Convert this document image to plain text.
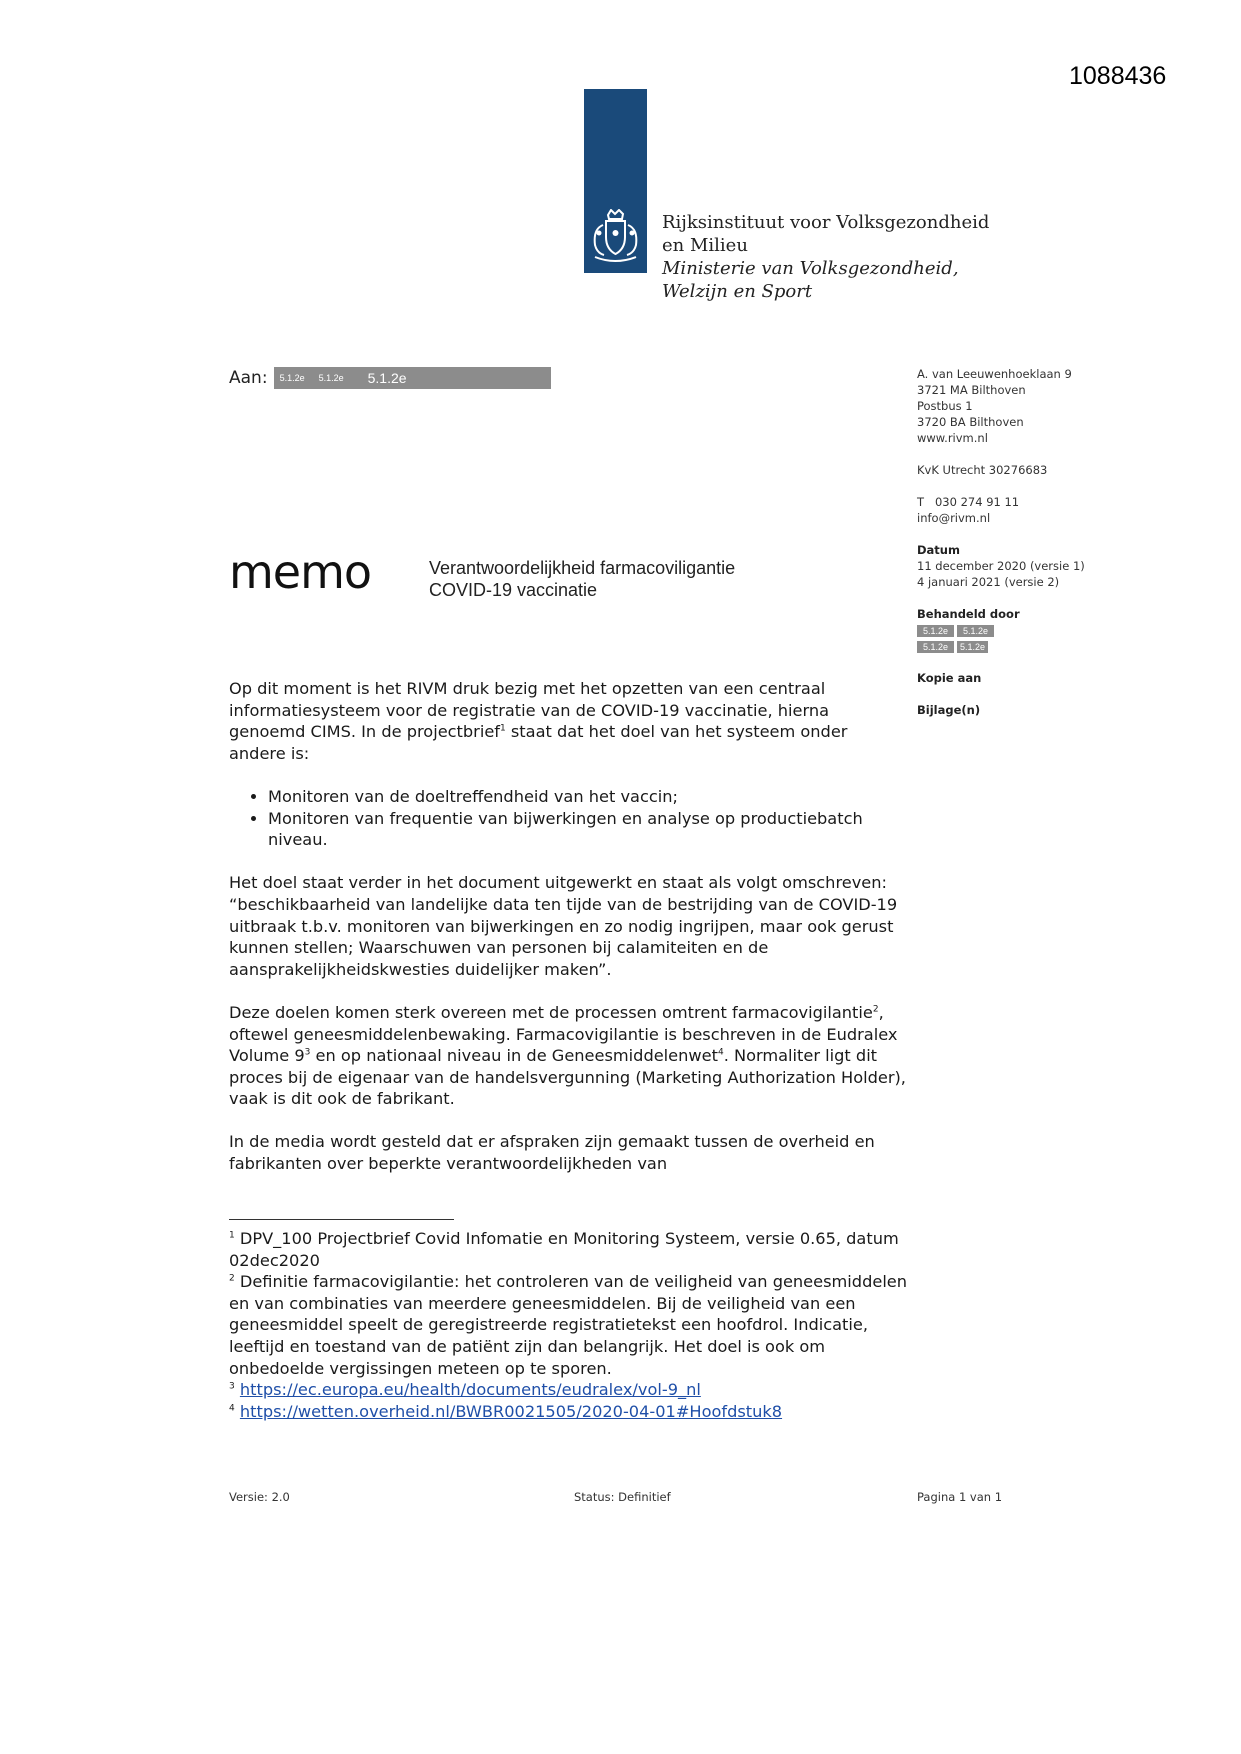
1088436
Rijksinstituut voor Volksgezondheid
en Milieu
Ministerie van Volksgezondheid,
Welzijn en Sport
Aan: 5.1.2e 5.1.2e 5.1.2e	A. van Leeuwenhoeklaan 9
3721 MA Bilthoven
Postbus 1
3720 BA Bilthoven
www.rivm.nl
KvK Utrecht 30276683
T   030 274 91 11
info@rivm.nl
Datum
11 december 2020 (versie 1)
4 januari 2021 (versie 2)
Behandeld door
5.1.2e 5.1.2e
5.1.2e 5.1.2e
Kopie aan
Bijlage(n)
memo	Verantwoordelijkheid farmacoviligantie
COVID-19 vaccinatie

Op dit moment is het RIVM druk bezig met het opzetten van een centraal informatiesysteem voor de registratie van de COVID-19 vaccinatie, hierna genoemd CIMS. In de projectbrief$^1$ staat dat het doel van het systeem onder andere is:

• Monitoren van de doeltreffendheid van het vaccin;
• Monitoren van frequentie van bijwerkingen en analyse op productiebatch niveau.

Het doel staat verder in het document uitgewerkt en staat als volgt omschreven: “beschikbaarheid van landelijke data ten tijde van de bestrijding van de COVID-19 uitbraak t.b.v. monitoren van bijwerkingen en zo nodig ingrijpen, maar ook gerust kunnen stellen; Waarschuwen van personen bij calamiteiten en de aansprakelijkheidskwesties duidelijker maken”.

Deze doelen komen sterk overeen met de processen omtrent farmacovigilantie$^2$, oftewel geneesmiddelenbewaking. Farmacovigilantie is beschreven in de Eudralex Volume $9^3$ en op nationaal niveau in de Geneesmiddelenwet$^4$. Normaliter ligt dit proces bij de eigenaar van de handelsvergunning (Marketing Authorization Holder), vaak is dit ook de fabrikant.

In de media wordt gesteld dat er afspraken zijn gemaakt tussen de overheid en fabrikanten over beperkte verantwoordelijkheden van

$^1$ DPV_100 Projectbrief Covid Infomatie en Monitoring Systeem, versie 0.65, datum 02dec2020
$^2$ Definitie farmacovigilantie: het controleren van de veiligheid van geneesmiddelen en van combinaties van meerdere geneesmiddelen. Bij de veiligheid van een geneesmiddel speelt de geregistreerde registratietekst een hoofdrol. Indicatie, leeftijd en toestand van de patiënt zijn dan belangrijk. Het doel is ook om onbedoelde vergissingen meteen op te sporen.
$^3$ https://ec.europa.eu/health/documents/eudralex/vol-9_nl
$^4$ https://wetten.overheid.nl/BWBR0021505/2020-04-01#Hoofdstuk8
Versie: 2.0	Status: Definitief	Pagina 1 van 1
